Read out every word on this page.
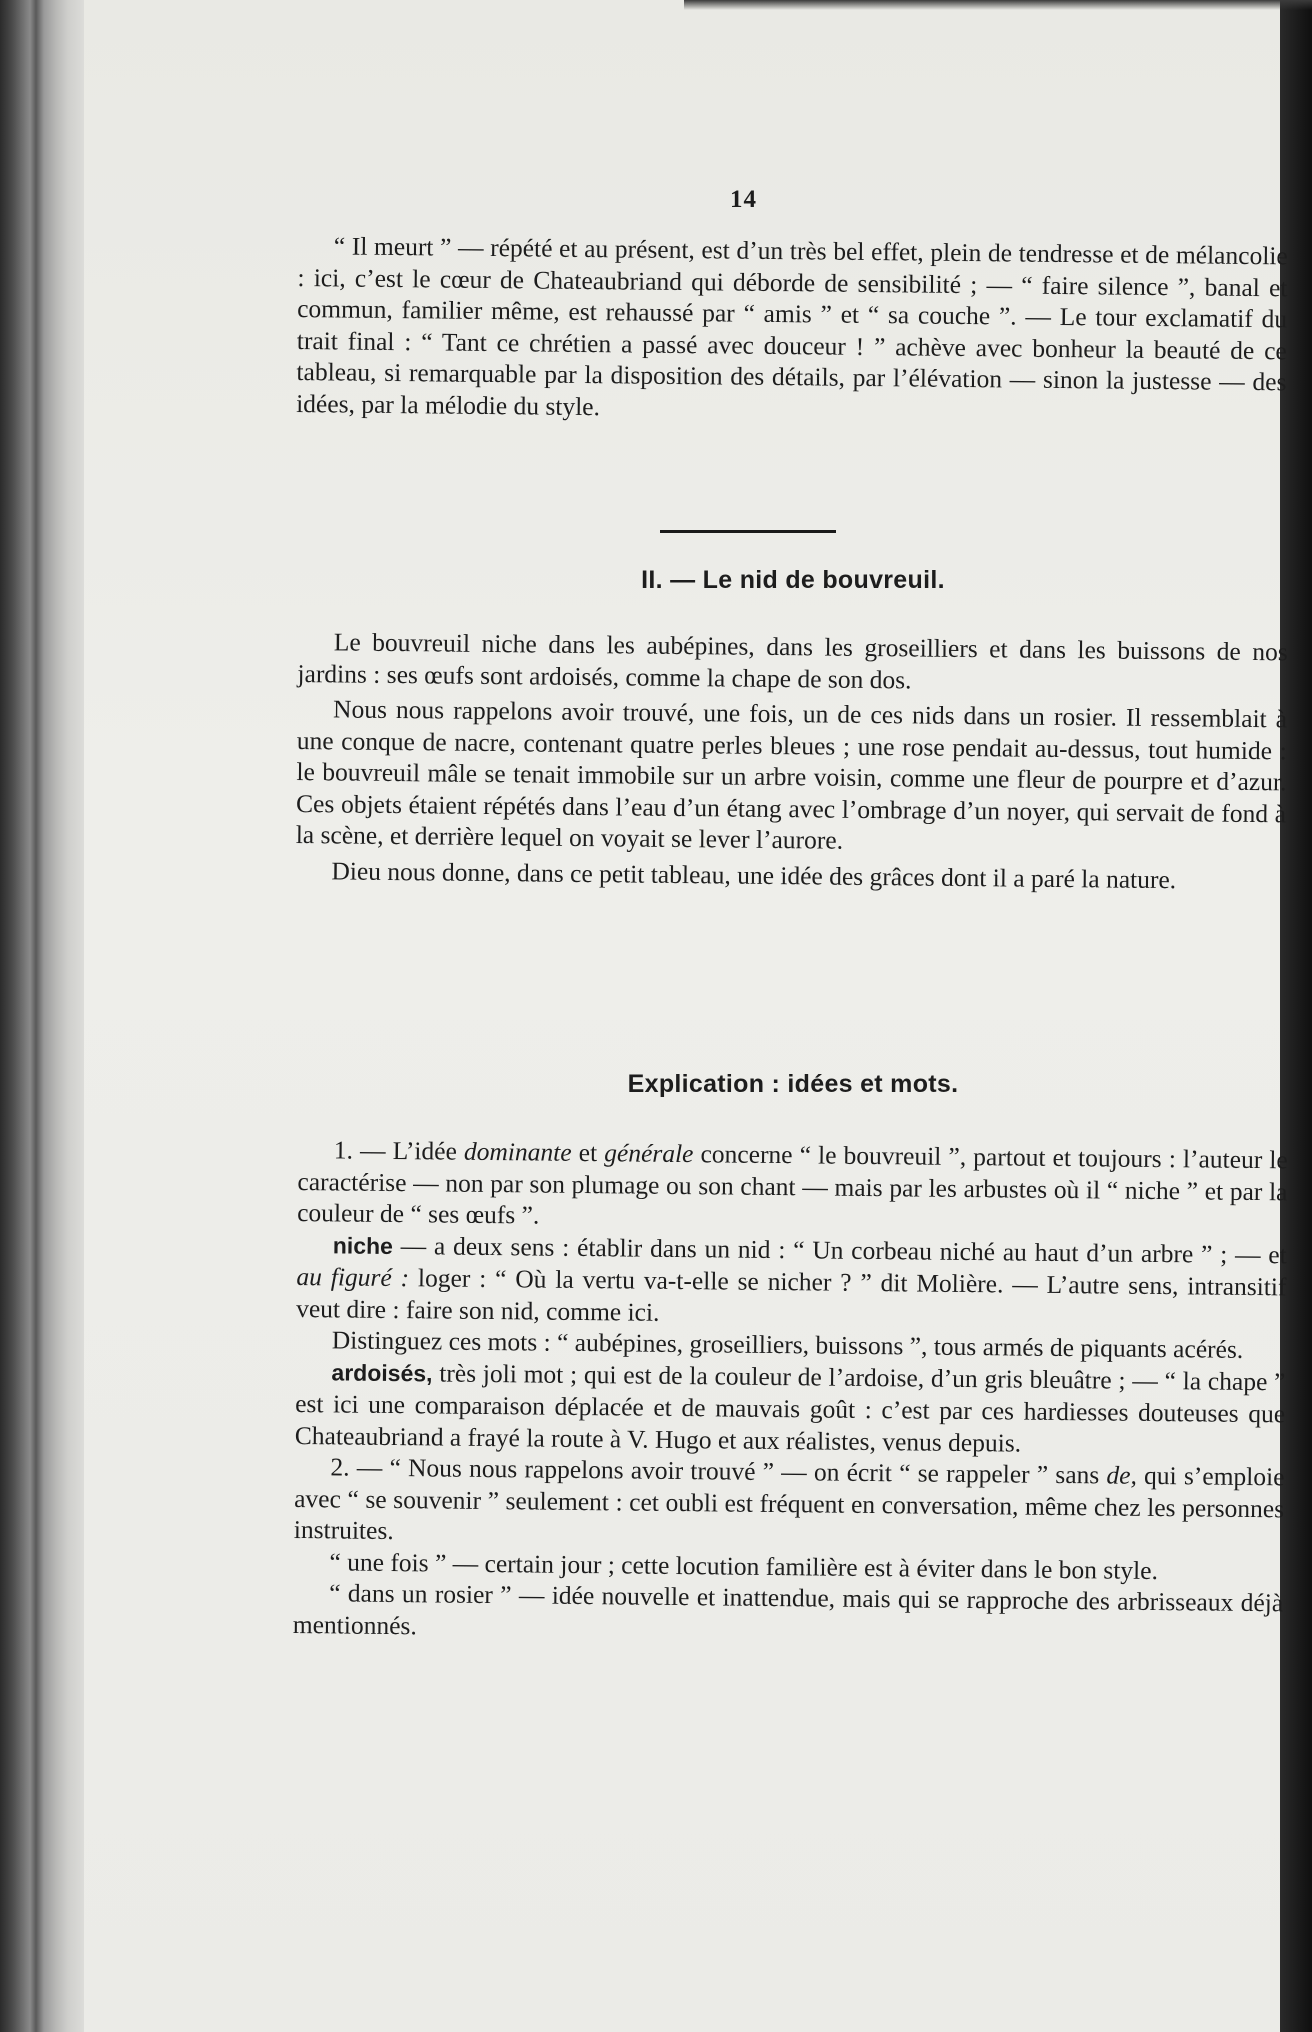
14

“ Il meurt ” — répété et au présent, est d’un très bel effet, plein de tendresse et de mélancolie : ici, c’est le cœur de Chateaubriand qui déborde de sensibilité ; — “ faire silence ”, banal et commun, familier même, est rehaussé par “ amis ” et “ sa couche ”. — Le tour exclamatif du trait final : “ Tant ce chrétien a passé avec douceur ! ” achève avec bonheur la beauté de ce tableau, si remarquable par la disposition des détails, par l’élévation — sinon la justesse — des idées, par la mélodie du style.

II. — Le nid de bouvreuil.

Le bouvreuil niche dans les aubépines, dans les groseilliers et dans les buissons de nos jardins : ses œufs sont ardoisés, comme la chape de son dos.

Nous nous rappelons avoir trouvé, une fois, un de ces nids dans un rosier. Il ressemblait à une conque de nacre, contenant quatre perles bleues ; une rose pendait au-dessus, tout humide : le bouvreuil mâle se tenait immobile sur un arbre voisin, comme une fleur de pourpre et d’azur. Ces objets étaient répétés dans l’eau d’un étang avec l’ombrage d’un noyer, qui servait de fond à la scène, et derrière lequel on voyait se lever l’aurore.

Dieu nous donne, dans ce petit tableau, une idée des grâces dont il a paré la nature.

Explication : idées et mots.

1. — L’idée dominante et générale concerne “ le bouvreuil ”, partout et toujours : l’auteur le caractérise — non par son plumage ou son chant — mais par les arbustes où il “ niche ” et par la couleur de “ ses œufs ”.

niche — a deux sens : établir dans un nid : “ Un corbeau niché au haut d’un arbre ” ; — et au figuré : loger : “ Où la vertu va-t-elle se nicher ? ” dit Molière. — L’autre sens, intransitif veut dire : faire son nid, comme ici.

Distinguez ces mots : “ aubépines, groseilliers, buissons ”, tous armés de piquants acérés.

ardoisés, très joli mot ; qui est de la couleur de l’ardoise, d’un gris bleuâtre ; — “ la chape ” est ici une comparaison déplacée et de mauvais goût : c’est par ces hardiesses douteuses que Chateaubriand a frayé la route à V. Hugo et aux réalistes, venus depuis.

2. — “ Nous nous rappelons avoir trouvé ” — on écrit “ se rappeler ” sans de, qui s’emploie avec “ se souvenir ” seulement : cet oubli est fréquent en conversation, même chez les personnes instruites.

“ une fois ” — certain jour ; cette locution familière est à éviter dans le bon style.

“ dans un rosier ” — idée nouvelle et inattendue, mais qui se rapproche des arbrisseaux déjà mentionnés.
